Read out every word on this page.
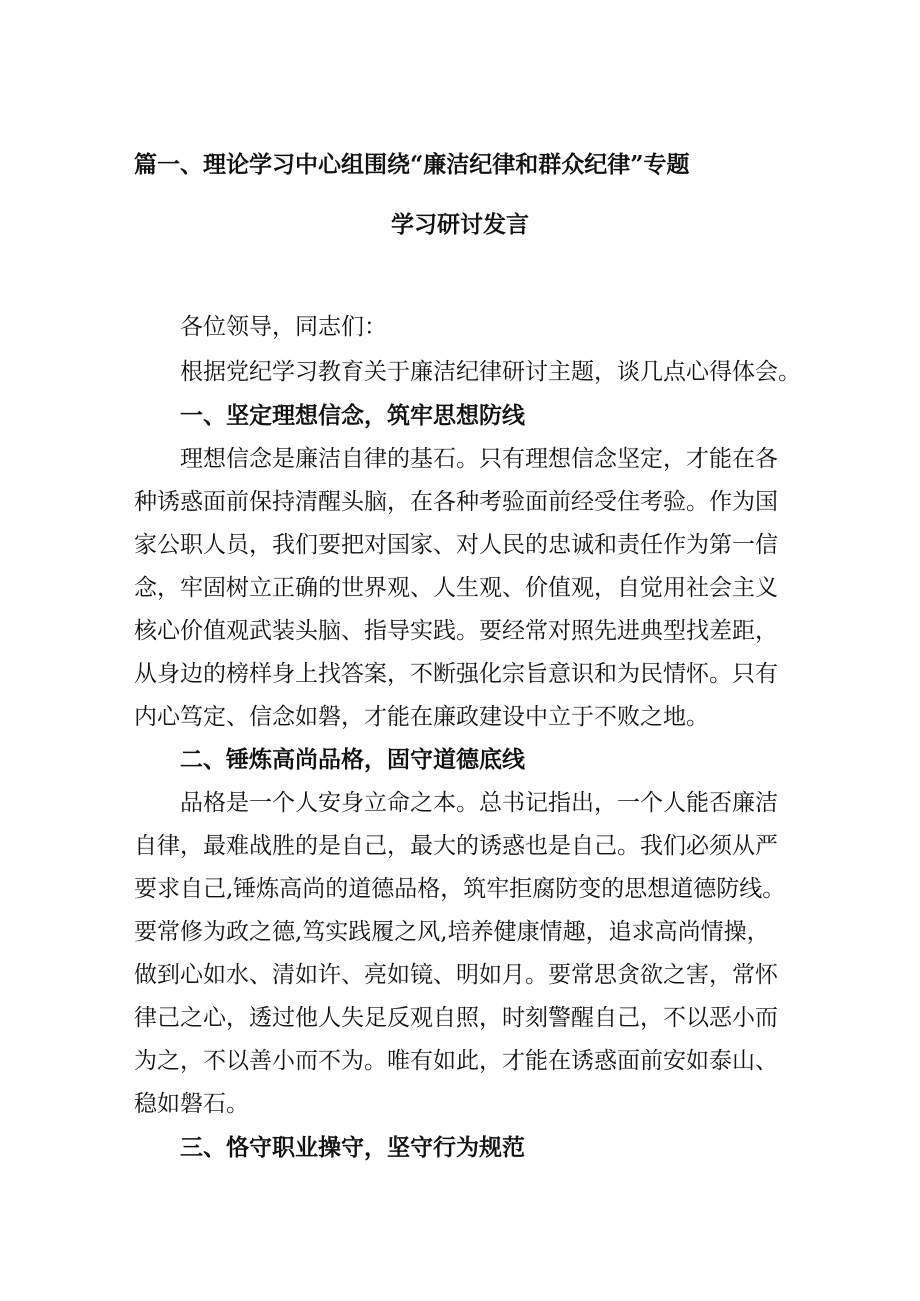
篇一、理论学习中心组围绕“廉洁纪律和群众纪律”专题
学习研讨发言
各位领导，同志们：
根据党纪学习教育关于廉洁纪律研讨主题，谈几点心得体会。
一、坚定理想信念，筑牢思想防线
理想信念是廉洁自律的基石。只有理想信念坚定，才能在各
种诱惑面前保持清醒头脑，在各种考验面前经受住考验。作为国
家公职人员，我们要把对国家、对人民的忠诚和责任作为第一信
念，牢固树立正确的世界观、人生观、价值观，自觉用社会主义
核心价值观武装头脑、指导实践。要经常对照先进典型找差距，
从身边的榜样身上找答案，不断强化宗旨意识和为民情怀。只有
内心笃定、信念如磐，才能在廉政建设中立于不败之地。
二、锤炼高尚品格，固守道德底线
品格是一个人安身立命之本。总书记指出，一个人能否廉洁
自律，最难战胜的是自己，最大的诱惑也是自己。我们必须从严
要求自己,锤炼高尚的道德品格，筑牢拒腐防变的思想道德防线。
要常修为政之德,笃实践履之风,培养健康情趣，追求高尚情操，
做到心如水、清如许、亮如镜、明如月。要常思贪欲之害，常怀
律己之心，透过他人失足反观自照，时刻警醒自己，不以恶小而
为之，不以善小而不为。唯有如此，才能在诱惑面前安如泰山、
稳如磐石。
三、恪守职业操守，坚守行为规范
